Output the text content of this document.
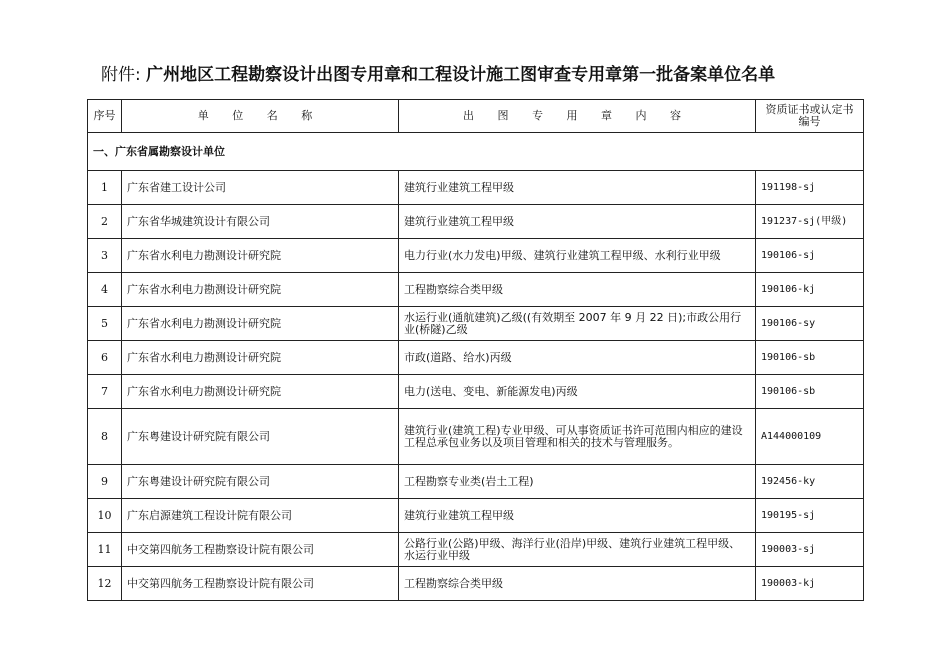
附件: 广州地区工程勘察设计出图专用章和工程设计施工图审查专用章第一批备案单位名单
序号	单 位 名 称	出 图 专 用 章 内 容	资质证书或认定书编号
一、广东省属勘察设计单位			
1	广东省建工设计公司	建筑行业建筑工程甲级	191198-sj
2	广东省华城建筑设计有限公司	建筑行业建筑工程甲级	191237-sj(甲级)
3	广东省水利电力勘测设计研究院	电力行业(水力发电)甲级、建筑行业建筑工程甲级、水利行业甲级	190106-sj
4	广东省水利电力勘测设计研究院	工程勘察综合类甲级	190106-kj
5	广东省水利电力勘测设计研究院	水运行业(通航建筑)乙级((有效期至 2007 年 9 月 22 日);市政公用行业(桥隧)乙级	190106-sy
6	广东省水利电力勘测设计研究院	市政(道路、给水)丙级	190106-sb
7	广东省水利电力勘测设计研究院	电力(送电、变电、新能源发电)丙级	190106-sb
8	广东粤建设计研究院有限公司	建筑行业(建筑工程)专业甲级、可从事资质证书许可范围内相应的建设工程总承包业务以及项目管理和相关的技术与管理服务。	A144000109
9	广东粤建设计研究院有限公司	工程勘察专业类(岩土工程)	192456-ky
10	广东启源建筑工程设计院有限公司	建筑行业建筑工程甲级	190195-sj
11	中交第四航务工程勘察设计院有限公司	公路行业(公路)甲级、海洋行业(沿岸)甲级、建筑行业建筑工程甲级、水运行业甲级	190003-sj
12	中交第四航务工程勘察设计院有限公司	工程勘察综合类甲级	190003-kj
